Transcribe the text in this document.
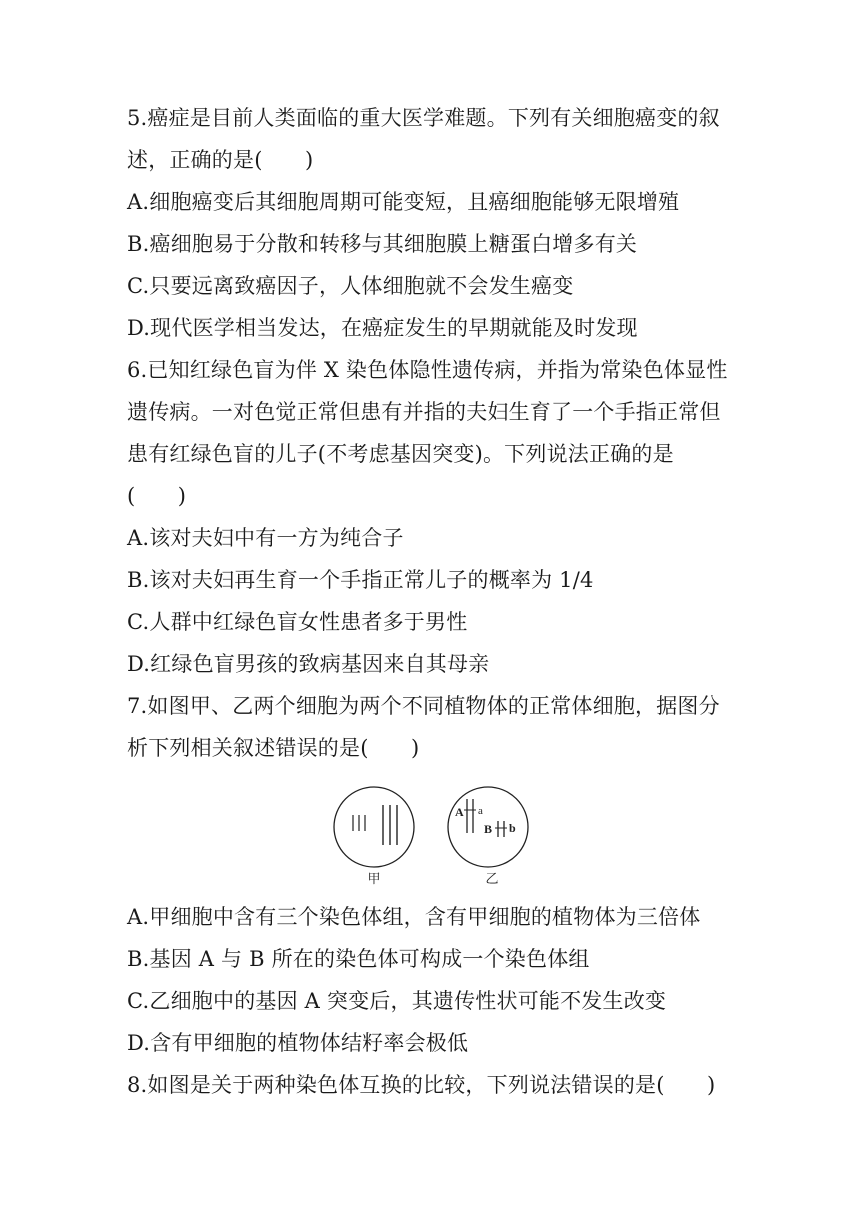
5.癌症是目前人类面临的重大医学难题。下列有关细胞癌变的叙
述，正确的是(　　)
A.细胞癌变后其细胞周期可能变短，且癌细胞能够无限增殖
B.癌细胞易于分散和转移与其细胞膜上糖蛋白增多有关
C.只要远离致癌因子，人体细胞就不会发生癌变
D.现代医学相当发达，在癌症发生的早期就能及时发现
6.已知红绿色盲为伴 X 染色体隐性遗传病，并指为常染色体显性
遗传病。一对色觉正常但患有并指的夫妇生育了一个手指正常但
患有红绿色盲的儿子(不考虑基因突变)。下列说法正确的是
(　　)
A.该对夫妇中有一方为纯合子
B.该对夫妇再生育一个手指正常儿子的概率为 1/4
C.人群中红绿色盲女性患者多于男性
D.红绿色盲男孩的致病基因来自其母亲
7.如图甲、乙两个细胞为两个不同植物体的正常体细胞，据图分
析下列相关叙述错误的是(　　)
甲
A a
B b
乙
A.甲细胞中含有三个染色体组，含有甲细胞的植物体为三倍体
B.基因 A 与 B 所在的染色体可构成一个染色体组
C.乙细胞中的基因 A 突变后，其遗传性状可能不发生改变
D.含有甲细胞的植物体结籽率会极低
8.如图是关于两种染色体互换的比较，下列说法错误的是(　　)
